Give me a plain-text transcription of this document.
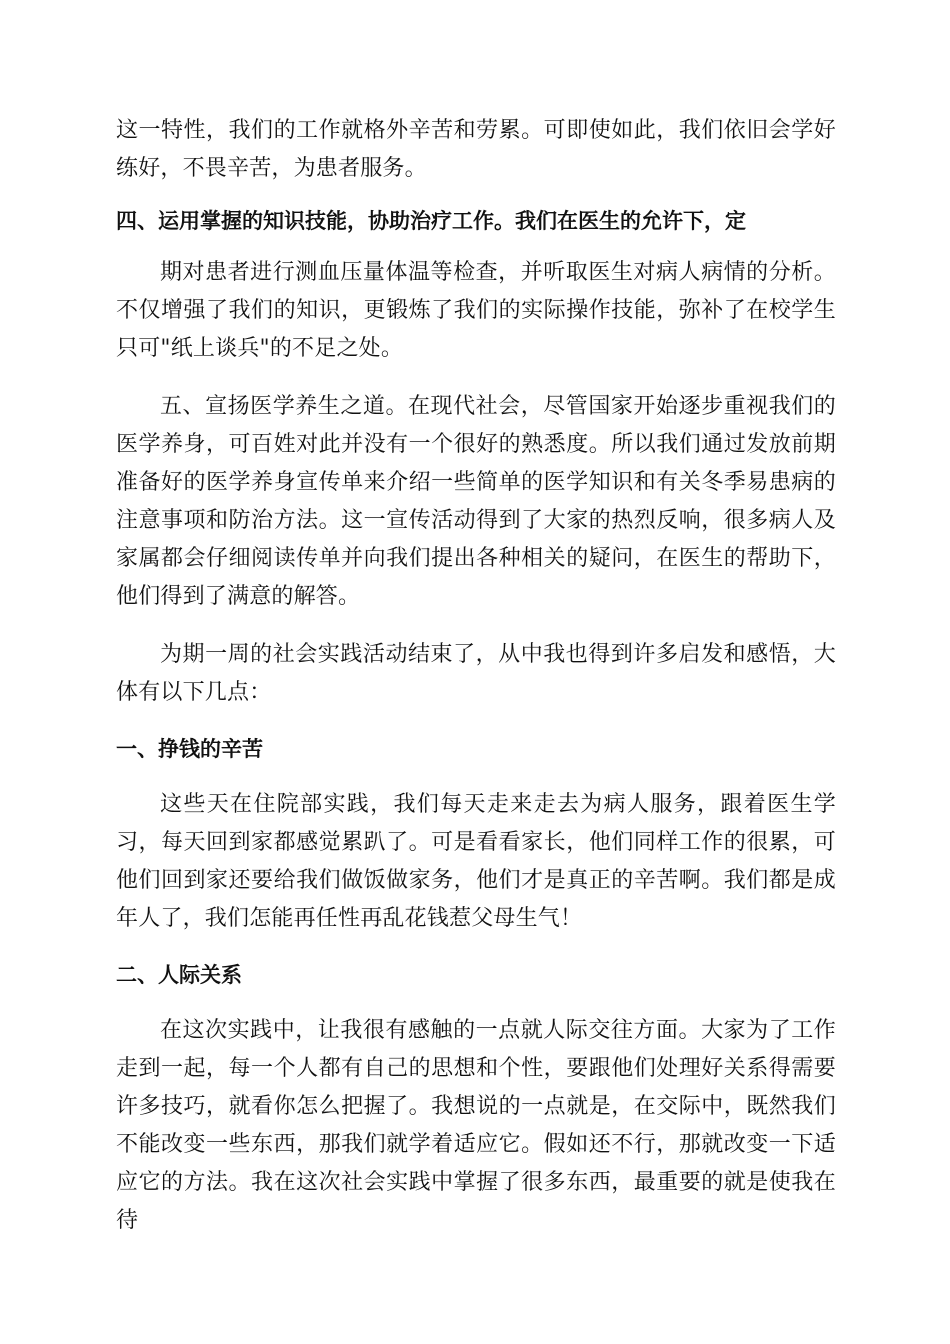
这一特性，我们的工作就格外辛苦和劳累。可即使如此，我们依旧会学好练好，不畏辛苦，为患者服务。

四、运用掌握的知识技能，协助治疗工作。我们在医生的允许下，定

期对患者进行测血压量体温等检查，并听取医生对病人病情的分析。不仅增强了我们的知识，更锻炼了我们的实际操作技能，弥补了在校学生只可"纸上谈兵"的不足之处。

五、宣扬医学养生之道。在现代社会，尽管国家开始逐步重视我们的医学养身，可百姓对此并没有一个很好的熟悉度。所以我们通过发放前期准备好的医学养身宣传单来介绍一些简单的医学知识和有关冬季易患病的注意事项和防治方法。这一宣传活动得到了大家的热烈反响，很多病人及家属都会仔细阅读传单并向我们提出各种相关的疑问，在医生的帮助下，他们得到了满意的解答。

为期一周的社会实践活动结束了，从中我也得到许多启发和感悟，大体有以下几点：

一、挣钱的辛苦

这些天在住院部实践，我们每天走来走去为病人服务，跟着医生学习，每天回到家都感觉累趴了。可是看看家长，他们同样工作的很累，可他们回到家还要给我们做饭做家务，他们才是真正的辛苦啊。我们都是成年人了，我们怎能再任性再乱花钱惹父母生气！

二、人际关系

在这次实践中，让我很有感触的一点就人际交往方面。大家为了工作走到一起，每一个人都有自己的思想和个性，要跟他们处理好关系得需要许多技巧，就看你怎么把握了。我想说的一点就是，在交际中，既然我们不能改变一些东西，那我们就学着适应它。假如还不行，那就改变一下适应它的方法。我在这次社会实践中掌握了很多东西，最重要的就是使我在待
